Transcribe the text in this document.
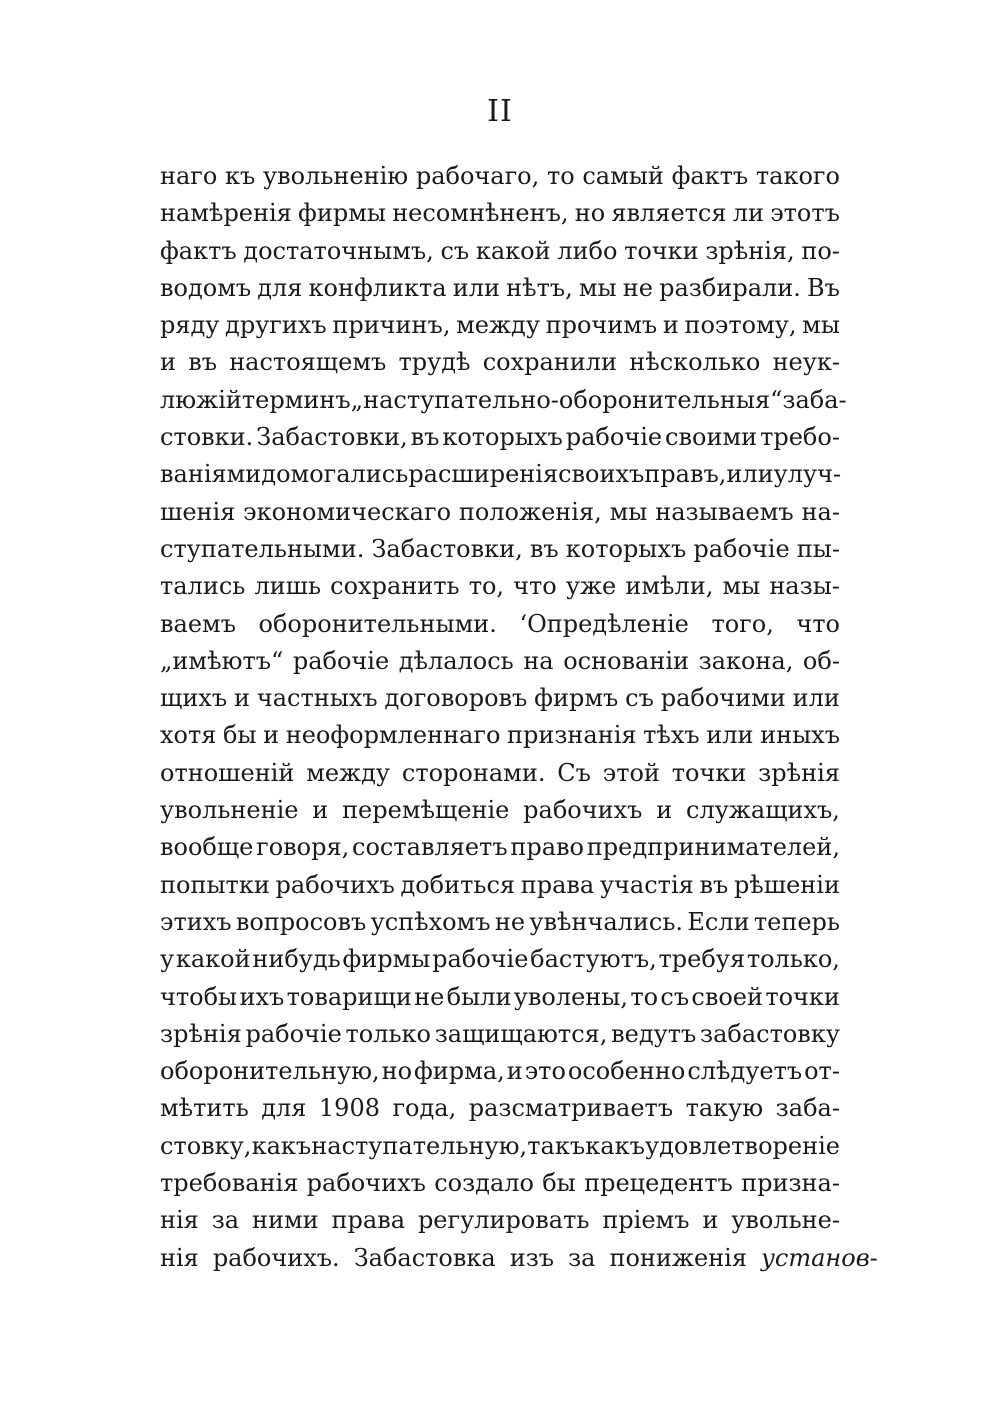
II
наго къ увольненію рабочаго, то самый фактъ такого
намѣренія фирмы несомнѣненъ, но является ли этотъ
фактъ достаточнымъ, съ какой либо точки зрѣнія, по-
водомъ для конфликта или нѣтъ, мы не разбирали. Въ
ряду другихъ причинъ, между прочимъ и поэтому, мы
и въ настоящемъ трудѣ сохранили нѣсколько неук-
люжій терминъ „наступательно-оборонительныя“ заба-
стовки. Забастовки, въ которыхъ рабочіе своими требо-
ваніями домогались расширенія своихъ правъ, или улуч-
шенія экономическаго положенія, мы называемъ на-
ступательными. Забастовки, въ которыхъ рабочіе пы-
тались лишь сохранить то, что уже имѣли, мы назы-
ваемъ оборонительными. ʻОпредѣленіе того, что
„имѣютъ“ рабочіе дѣлалось на основаніи закона, об-
щихъ и частныхъ договоровъ фирмъ съ рабочими или
хотя бы и неоформленнаго признанія тѣхъ или иныхъ
отношеній между сторонами. Съ этой точки зрѣнія
увольненіе и перемѣщеніе рабочихъ и служащихъ,
вообще говоря, составляетъ право предпринимателей,
попытки рабочихъ добиться права участія въ рѣшеніи
этихъ вопросовъ успѣхомъ не увѣнчались. Если теперь
у какой нибудь фирмы рабочіе бастуютъ, требуя только,
чтобы ихъ товарищи не были уволены, то съ своей точки
зрѣнія рабочіе только защищаются, ведутъ забастовку
оборонительную, но фирма, и это особенно слѣдуетъ от-
мѣтить для 1908 года, разсматриваетъ такую заба-
стовку, какъ наступательную, такъ какъ удовлетвореніе
требованія рабочихъ создало бы прецедентъ призна-
нія за ними права регулировать пріемъ и увольне-
нія рабочихъ. Забастовка изъ за пониженія установ-
